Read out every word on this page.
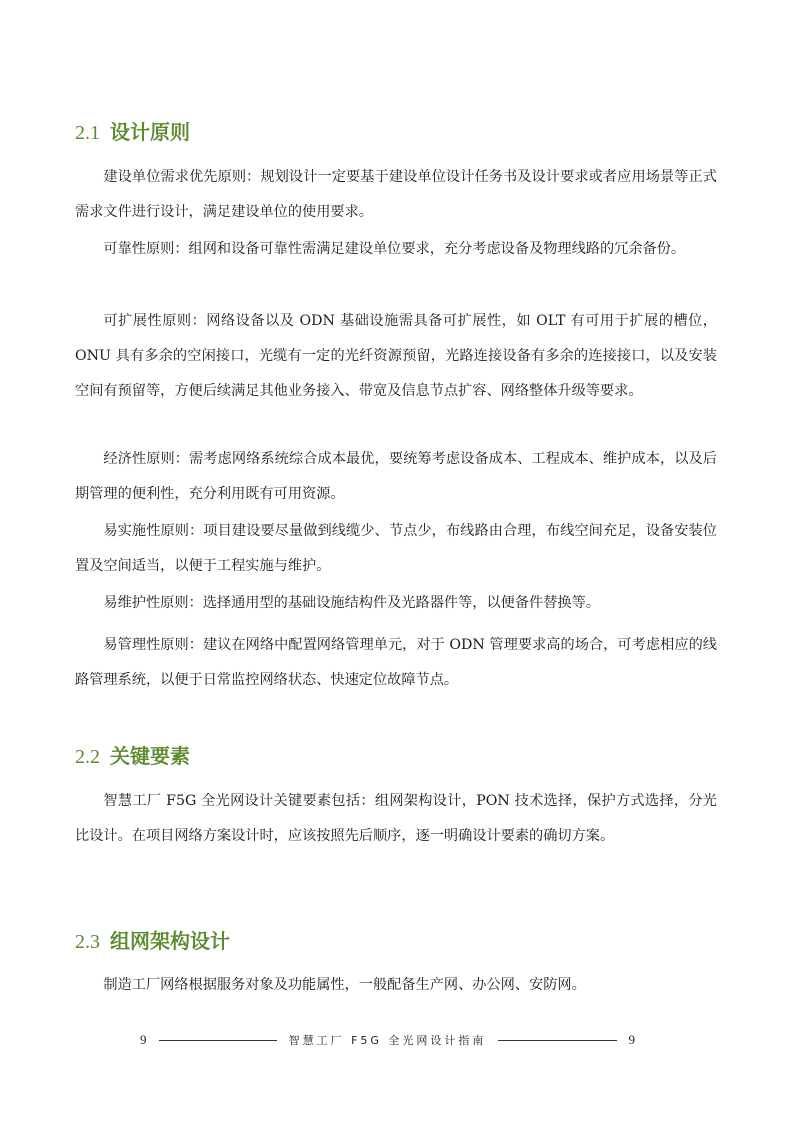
2.1 设计原则

建设单位需求优先原则：规划设计一定要基于建设单位设计任务书及设计要求或者应用场景等正式需求文件进行设计，满足建设单位的使用要求。

可靠性原则：组网和设备可靠性需满足建设单位要求，充分考虑设备及物理线路的冗余备份。

可扩展性原则：网络设备以及 ODN 基础设施需具备可扩展性，如 OLT 有可用于扩展的槽位，ONU 具有多余的空闲接口，光缆有一定的光纤资源预留，光路连接设备有多余的连接接口，以及安装空间有预留等，方便后续满足其他业务接入、带宽及信息节点扩容、网络整体升级等要求。

经济性原则：需考虑网络系统综合成本最优，要统筹考虑设备成本、工程成本、维护成本，以及后期管理的便利性，充分利用既有可用资源。

易实施性原则：项目建设要尽量做到线缆少、节点少，布线路由合理，布线空间充足，设备安装位置及空间适当，以便于工程实施与维护。

易维护性原则：选择通用型的基础设施结构件及光路器件等，以便备件替换等。

易管理性原则：建议在网络中配置网络管理单元，对于 ODN 管理要求高的场合，可考虑相应的线路管理系统，以便于日常监控网络状态、快速定位故障节点。

2.2 关键要素

智慧工厂 F5G 全光网设计关键要素包括：组网架构设计，PON 技术选择，保护方式选择，分光比设计。在项目网络方案设计时，应该按照先后顺序，逐一明确设计要素的确切方案。

2.3 组网架构设计

制造工厂网络根据服务对象及功能属性，一般配备生产网、办公网、安防网。

9	智慧工厂 F5G 全光网设计指南	9
